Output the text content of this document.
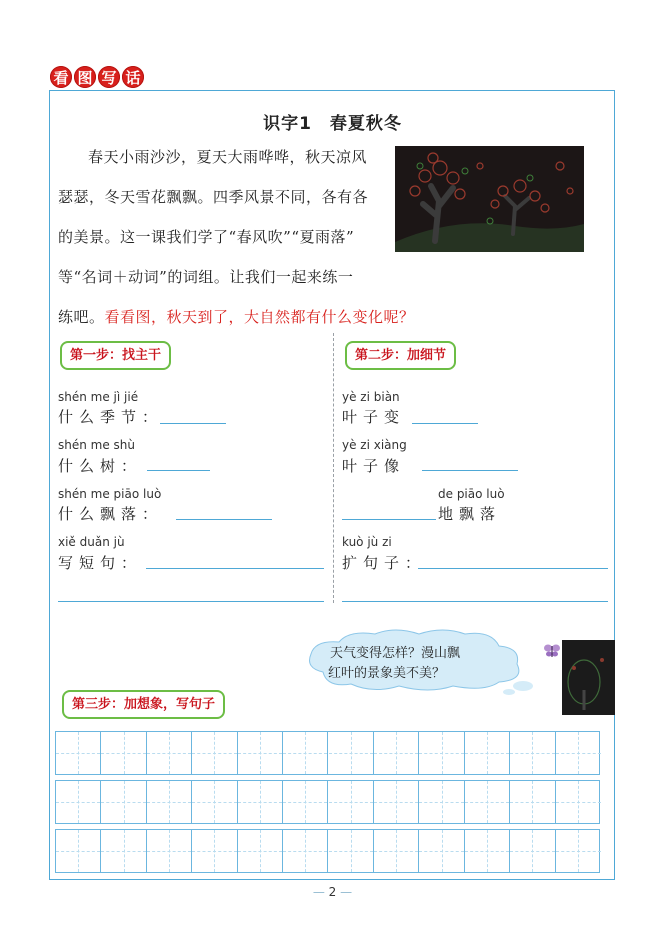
看 图 写 话
识字1　春夏秋冬
春天小雨沙沙，夏天大雨哗哗，秋天凉风
瑟瑟，冬天雪花飘飘。四季风景不同，各有各
的美景。这一课我们学了“春风吹”“夏雨落”
等“名词＋动词”的词组。让我们一起来练一
练吧。看看图，秋天到了，大自然都有什么变化呢？
第一步：找主干	第二步：加细节
shén me jì jié
什么季节：
shén me shù
什么树：
shén me piāo luò
什么飘落：
xiě duǎn jù
写短句：
yè zi biàn
叶子变
yè zi xiàng
叶子像
de piāo luò
地飘落
kuò jù zi
扩句子：
天气变得怎样？漫山飘
红叶的景象美不美？
第三步：加想象，写句子
— 2 —
